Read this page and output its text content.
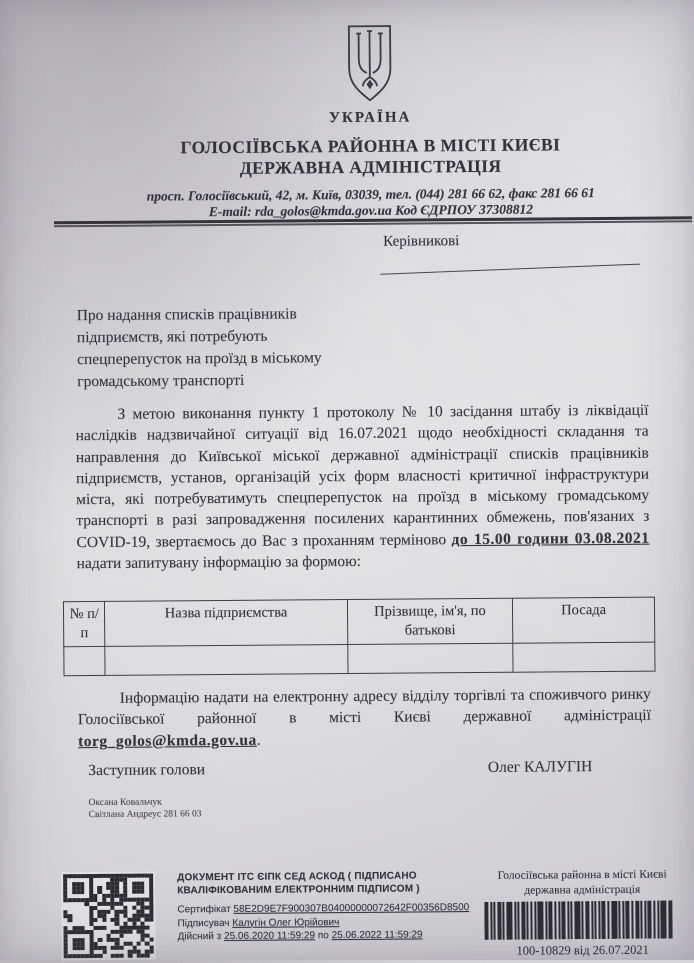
УКРАЇНА
ГОЛОСІЇВСЬКА РАЙОННА В МІСТІ КИЄВІ
ДЕРЖАВНА АДМІНІСТРАЦІЯ
просп. Голосіївський, 42, м. Київ, 03039, тел. (044) 281 66 62, факс 281 66 61
E-mail: rda_golos@kmda.gov.ua Код ЄДРПОУ 37308812
Керівникові
Про надання списків працівників
підприємств, які потребують
спецперепусток на проїзд в міському
громадському транспорті
З метою виконання пункту 1 протоколу № 10 засідання штабу із ліквідації наслідків надзвичайної ситуації від 16.07.2021 щодо необхідності складання та направлення до Київської міської державної адміністрації списків працівників підприємств, установ, організацій усіх форм власності критичної інфраструктури міста, які потребуватимуть спецперепусток на проїзд в міському громадському транспорті в разі запровадження посилених карантинних обмежень, пов'язаних з COVID-19, звертаємось до Вас з проханням терміново до 15.00 години 03.08.2021 надати запитувану інформацію за формою:
№ п/п	Назва підприємства	Прізвище, ім'я, по батькові	Посада

Інформацію надати на електронну адресу відділу торгівлі та споживчого ринку Голосіївської районної в місті Києві державної адміністрації torg_golos@kmda.gov.ua.
Заступник голови	Олег КАЛУГІН
Оксана Ковальчук
Світлана Андреус 281 66 03
ДОКУМЕНТ ІТС ЄІПК СЕД АСКОД ( ПІДПИСАНО
КВАЛІФІКОВАНИМ ЕЛЕКТРОННИМ ПІДПИСОМ )
Сертифікат 58E2D9E7F900307B04000000072642F00356D8500
Підписувач Калугін Олег Юрійович
Дійсний з 25.06.2020 11:59:29 по 25.06.2022 11:59:29
Голосіївська районна в місті Києві
державна адміністрація
100-10829 від 26.07.2021
